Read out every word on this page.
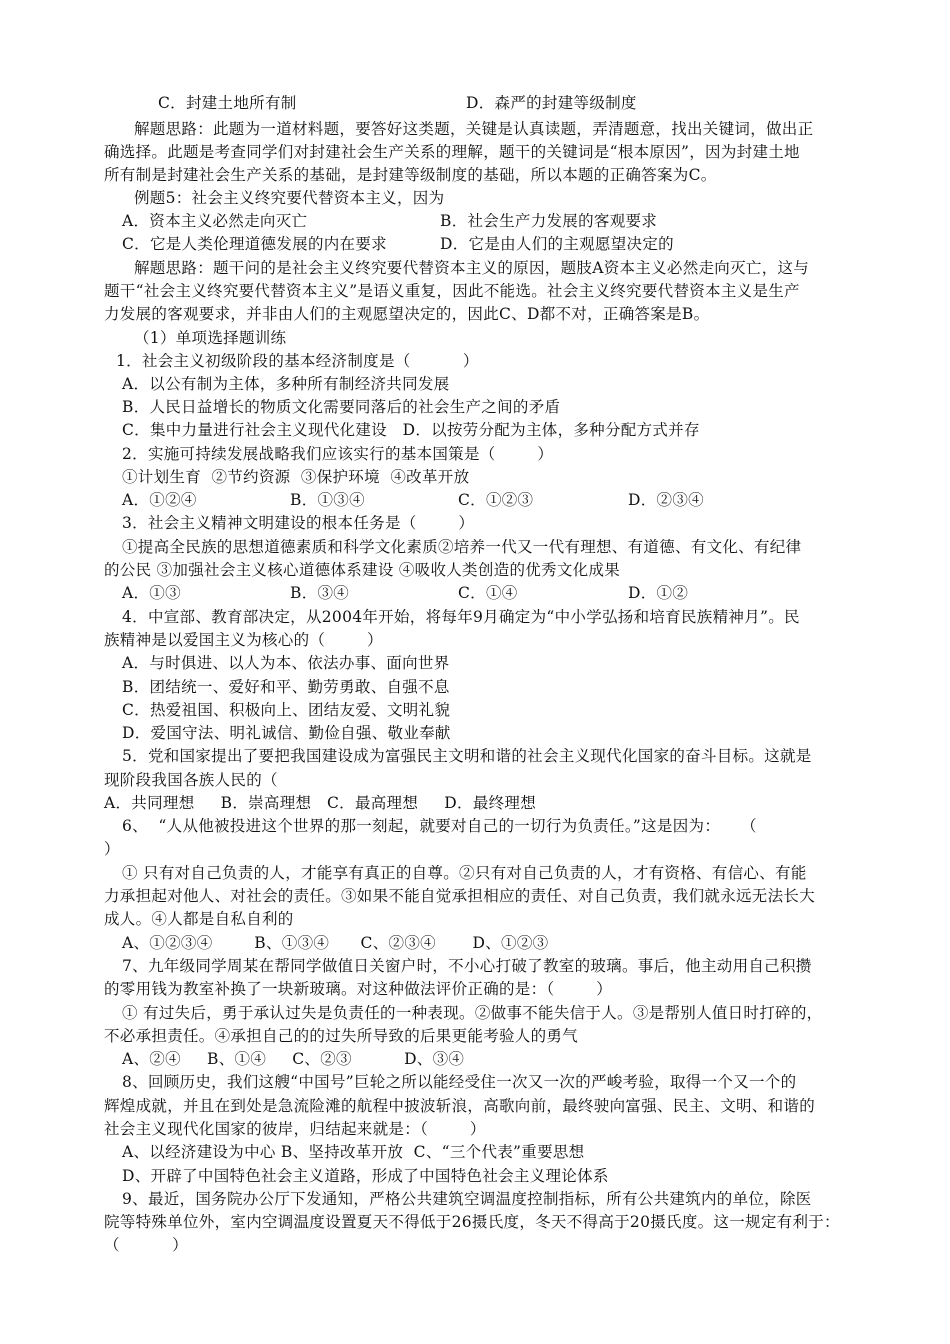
C．封建土地所有制	D．森严的封建等级制度
解题思路：此题为一道材料题，要答好这类题，关键是认真读题，弄清题意，找出关键词，做出正
确选择。此题是考查同学们对封建社会生产关系的理解，题干的关键词是“根本原因”，因为封建土地
所有制是封建社会生产关系的基础，是封建等级制度的基础，所以本题的正确答案为C。
例题5：社会主义终究要代替资本主义，因为
A．资本主义必然走向灭亡	B．社会生产力发展的客观要求
C．它是人类伦理道德发展的内在要求	D．它是由人们的主观愿望决定的
解题思路：题干问的是社会主义终究要代替资本主义的原因，题肢A资本主义必然走向灭亡，这与
题干“社会主义终究要代替资本主义”是语义重复，因此不能选。社会主义终究要代替资本主义是生产
力发展的客观要求，并非由人们的主观愿望决定的，因此C、D都不对，正确答案是B。
（1）单项选择题训练
1．社会主义初级阶段的基本经济制度是（          ）
A．以公有制为主体，多种所有制经济共同发展
B．人民日益增长的物质文化需要同落后的社会生产之间的矛盾
C．集中力量进行社会主义现代化建设   D．以按劳分配为主体，多种分配方式并存
2．实施可持续发展战略我们应该实行的基本国策是（        ）
①计划生育  ②节约资源  ③保护环境  ④改革开放
A．①②④	B．①③④	C．①②③	D．②③④
3．社会主义精神文明建设的根本任务是（        ）
①提高全民族的思想道德素质和科学文化素质②培养一代又一代有理想、有道德、有文化、有纪律
的公民 ③加强社会主义核心道德体系建设 ④吸收人类创造的优秀文化成果
A．①③	B．③④	C．①④	D．①②
4．中宣部、教育部决定，从2004年开始，将每年9月确定为“中小学弘扬和培育民族精神月”。民
族精神是以爱国主义为核心的（        ）
A．与时俱进、以人为本、依法办事、面向世界
B．团结统一、爱好和平、勤劳勇敢、自强不息
C．热爱祖国、积极向上、团结友爱、文明礼貌
D．爱国守法、明礼诚信、勤俭自强、敬业奉献
5．党和国家提出了要把我国建设成为富强民主文明和谐的社会主义现代化国家的奋斗目标。这就是
现阶段我国各族人民的（
A．共同理想     B．崇高理想   C．最高理想     D．最终理想
6、  “人从他被投进这个世界的那一刻起，就要对自己的一切行为负责任。”这是因为：    （
）
① 只有对自己负责的人，才能享有真正的自尊。②只有对自己负责的人，才有资格、有信心、有能
力承担起对他人、对社会的责任。③如果不能自觉承担相应的责任、对自己负责，我们就永远无法长大
成人。④人都是自私自利的
A、①②③④        B、①③④      C、②③④       D、①②③
7、九年级同学周某在帮同学做值日关窗户时，不小心打破了教室的玻璃。事后，他主动用自己积攒
的零用钱为教室补换了一块新玻璃。对这种做法评价正确的是：（        ）
① 有过失后，勇于承认过失是负责任的一种表现。②做事不能失信于人。③是帮别人值日时打碎的，
不必承担责任。④承担自己的的过失所导致的后果更能考验人的勇气
A、②④     B、①④     C、②③          D、③④
8、回顾历史，我们这艘“中国号”巨轮之所以能经受住一次又一次的严峻考验，取得一个又一个的
辉煌成就，并且在到处是急流险滩的航程中披波斩浪，高歌向前，最终驶向富强、民主、文明、和谐的
社会主义现代化国家的彼岸，归结起来就是：（        ）
A、以经济建设为中心 B、坚持改革开放  C、“三个代表”重要思想
D、开辟了中国特色社会主义道路，形成了中国特色社会主义理论体系
9、最近，国务院办公厅下发通知，严格公共建筑空调温度控制指标，所有公共建筑内的单位，除医
院等特殊单位外，室内空调温度设置夏天不得低于26摄氏度，冬天不得高于20摄氏度。这一规定有利于：
（          ）
